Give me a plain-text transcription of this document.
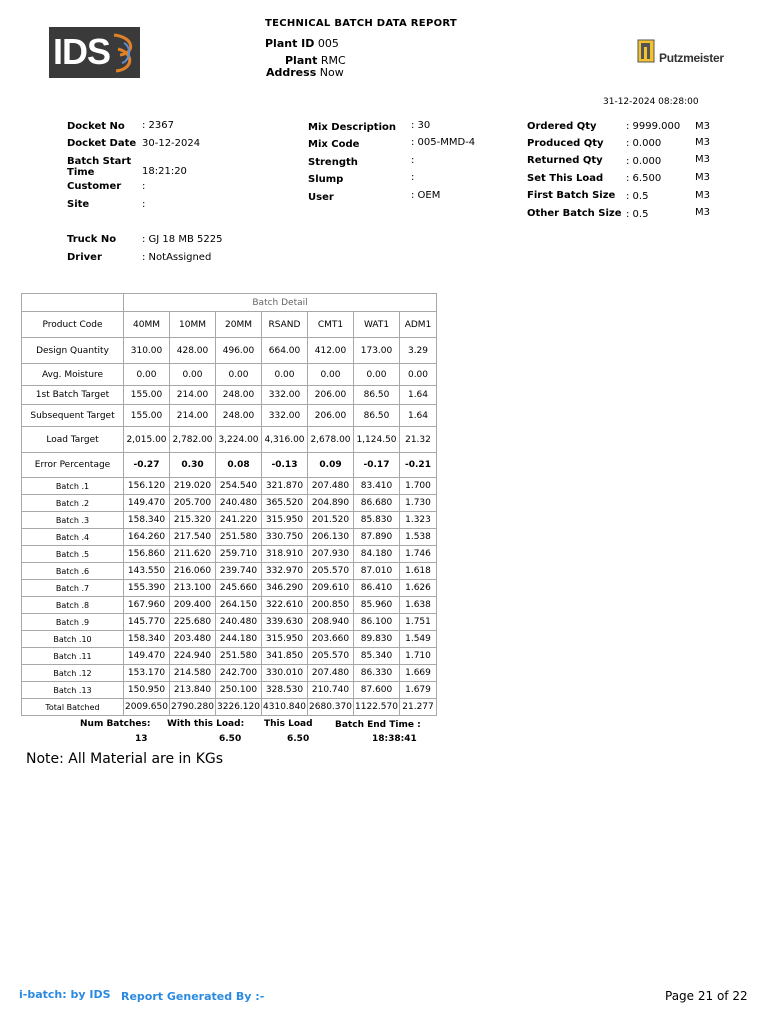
IDS	Putzmeister
TECHNICAL BATCH DATA REPORT
Plant ID 005
Plant RMC
Address Now
31-12-2024 08:28:00
Docket No : 2367
Docket Date 30-12-2024
Batch Start
Time	18:21:20
Customer :
Site	:
Truck No	: GJ 18 MB 5225
Driver	: NotAssigned
Mix Description : 30
Mix Code	: 005-MMD-4
Strength	:
Slump	:
User	: OEM
Ordered Qty	: 9999.000 M3
Produced Qty : 0.000	M3
Returned Qty : 0.000	M3
Set This Load : 6.500	M3
First Batch Size : 0.5	M3
Other Batch Size : 0.5	M3
	Batch Detail						
Product Code	40MM	10MM	20MM	RSAND	CMT1	WAT1	ADM1
Design Quantity	310.00	428.00	496.00	664.00	412.00	173.00	3.29
Avg. Moisture	0.00	0.00	0.00	0.00	0.00	0.00	0.00
1st Batch Target	155.00	214.00	248.00	332.00	206.00	86.50	1.64
Subsequent Target	155.00	214.00	248.00	332.00	206.00	86.50	1.64
Load Target	2,015.00	2,782.00	3,224.00	4,316.00	2,678.00	1,124.50	21.32
Error Percentage	-0.27	0.30	0.08	-0.13	0.09	-0.17	-0.21
Batch .1	156.120	219.020	254.540	321.870	207.480	83.410	1.700
Batch .2	149.470	205.700	240.480	365.520	204.890	86.680	1.730
Batch .3	158.340	215.320	241.220	315.950	201.520	85.830	1.323
Batch .4	164.260	217.540	251.580	330.750	206.130	87.890	1.538
Batch .5	156.860	211.620	259.710	318.910	207.930	84.180	1.746
Batch .6	143.550	216.060	239.740	332.970	205.570	87.010	1.618
Batch .7	155.390	213.100	245.660	346.290	209.610	86.410	1.626
Batch .8	167.960	209.400	264.150	322.610	200.850	85.960	1.638
Batch .9	145.770	225.680	240.480	339.630	208.940	86.100	1.751
Batch .10	158.340	203.480	244.180	315.950	203.660	89.830	1.549
Batch .11	149.470	224.940	251.580	341.850	205.570	85.340	1.710
Batch .12	153.170	214.580	242.700	330.010	207.480	86.330	1.669
Batch .13	150.950	213.840	250.100	328.530	210.740	87.600	1.679
Total Batched	2009.650	2790.280	3226.120	4310.840	2680.370	1122.570	21.277
Num Batches:
13
With this Load:
6.50
This Load
6.50
Batch End Time :
18:38:41
Note: All Material are in KGs
i-batch: by IDS Report Generated By :-	Page 21 of 22
